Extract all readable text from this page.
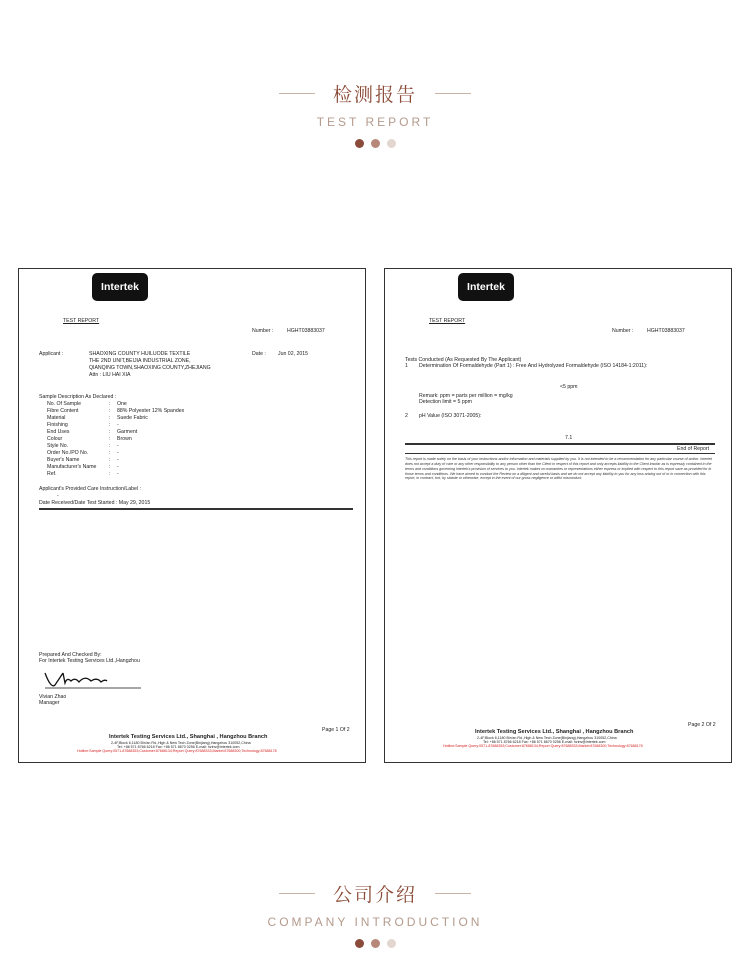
检测报告
TEST REPORT
Intertek
TEST REPORT
Number :	HGHT03883037
Applicant :	SHAOXING COUNTY HUILUODE TEXTILE
THE 2ND UNIT,BEIJIA INDUSTRIAL ZONE,
QIANQING TOWN,SHAOXING COUNTY,ZHEJIANG
Attn : LIU HAI XIA
Date : Jun 02, 2015
Sample Description As Declared :
No. Of Sample	:	One
Fibre Content	:	88% Polyester 12% Spandex
Material	:	Suede Fabric
Finishing	:	-
End Uses	:	Garment
Colour	:	Brown
Style No.	:	-
Order No./PO No.	:	-
Buyer's Name	:	-
Manufacturer's Name	:	-
Ref.	:	-
Applicant's Provided Care Instruction/Label :
-
Date Received/Date Test Started : May 29, 2015
Prepared And Checked By:
For Intertek Testing Services Ltd.,Hangzhou
Vivian Zhao
Manager
Page 1 Of 2
Intertek Testing Services Ltd., Shanghai , Hangzhou Branch
2-4F,Block 6,1180 Bin'an Rd.,High & New Tech Zone(Binjiang),Hangzhou 310052,China
Tel: +86 571 8766 6218 Fax: +86 571 8670 0256 E-mail: hzinv@intertek.com
Hotline:Sample Query:0571-87688353;Customer:87688134;Report Query:87688333;Market:87688300;Technology:87688178
Intertek
TEST REPORT
Number :	HGHT03883037
Tests Conducted (As Requested By The Applicant)
1 Determination Of Formaldehyde (Part 1) : Free And Hydrolyzed Formaldehyde (ISO 14184-1:2011):
<5 ppm
Remark: ppm = parts per million = mg/kg
Detection limit = 5 ppm
2 pH Value (ISO 3071-2005):
7.1
End of Report
This report is made solely on the basis of your instructions and/or information and materials supplied by you. It is not intended to be a recommendation for any particular course of action. Intertek does not accept a duty of care or any other responsibility to any person other than the Client in respect of this report and only accepts liability to the Client insofar as is expressly contained in the terms and conditions governing Intertek's provision of services to you. Intertek makes no warranties or representations either express or implied with respect to this report save as provided for in those terms and conditions. We have aimed to conduct the Review on a diligent and careful basis and we do not accept any liability to you for any loss arising out of or in connection with this report, in contract, tort, by statute or otherwise, except in the event of our gross negligence or wilful misconduct.
Page 2 Of 2
Intertek Testing Services Ltd., Shanghai , Hangzhou Branch
2-4F,Block 6,1180 Bin'an Rd.,High & New Tech Zone(Binjiang),Hangzhou 310052,China
Tel: +86 571 8766 6218 Fax: +86 571 8670 0256 E-mail: hzinv@intertek.com
Hotline:Sample Query:0571-87688353;Customer:87688134;Report Query:87688333;Market:87688300;Technology:87688178
公司介绍
COMPANY INTRODUCTION
